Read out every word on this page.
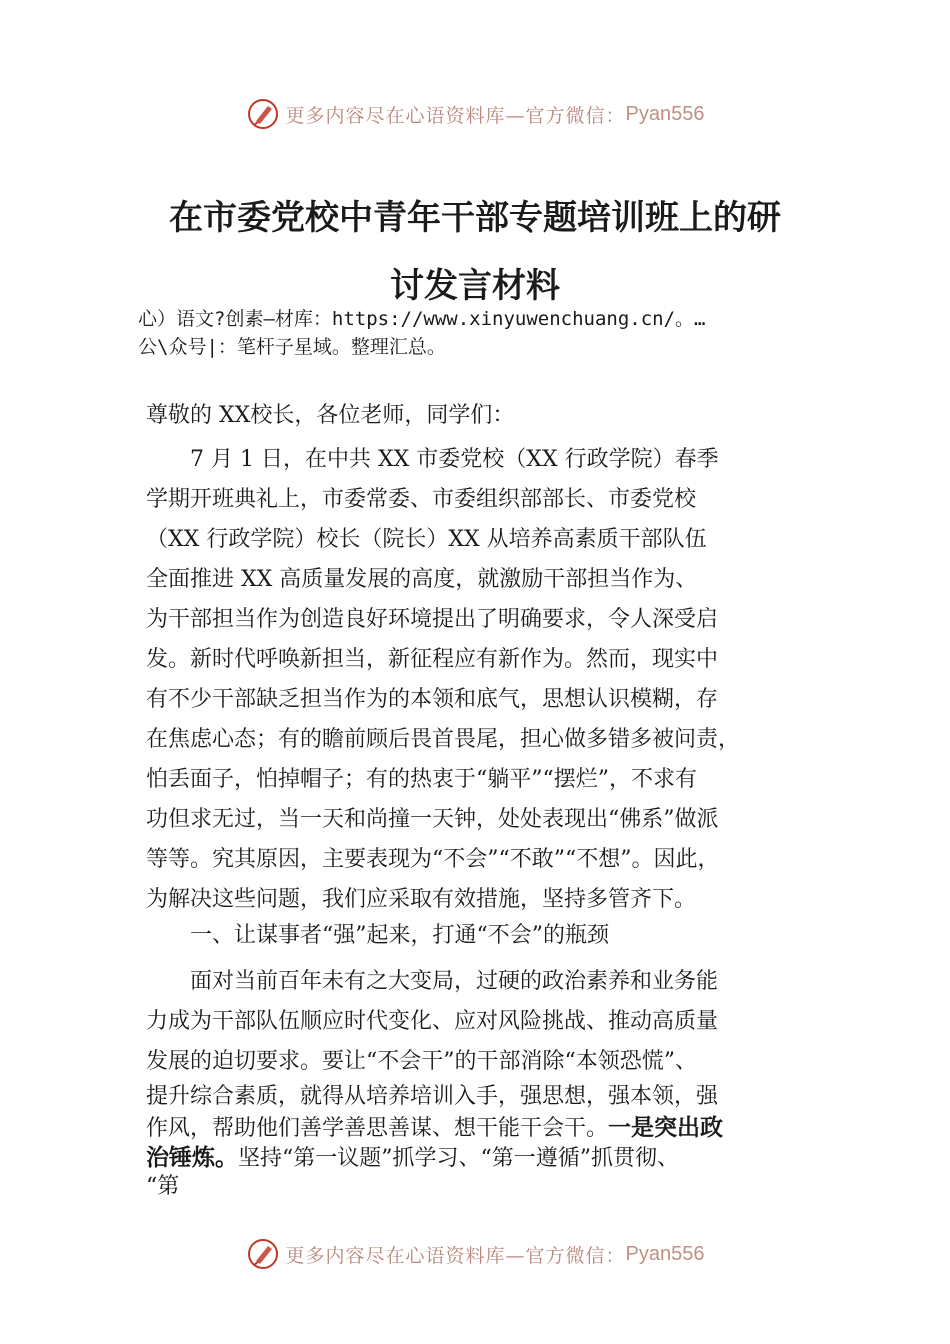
更多内容尽在心语资料库—官方微信： Pyan556
在市委党校中青年干部专题培训班上的研
讨发言材料
心）语文?创素—材库：https://www.xinyuwenchuang.cn/。…
公\众号|：笔杆子星域。整理汇总。
尊敬的 XX校长，各位老师，同学们：
7 月 1 日，在中共 XX 市委党校（XX 行政学院）春季
学期开班典礼上，市委常委、市委组织部部长、市委党校
（XX 行政学院）校长（院长）XX 从培养高素质干部队伍
全面推进 XX 高质量发展的高度，就激励干部担当作为、
为干部担当作为创造良好环境提出了明确要求，令人深受启
发。新时代呼唤新担当，新征程应有新作为。然而，现实中
有不少干部缺乏担当作为的本领和底气，思想认识模糊，存
在焦虑心态；有的瞻前顾后畏首畏尾，担心做多错多被问责，
怕丢面子，怕掉帽子；有的热衷于“躺平”“摆烂”，不求有
功但求无过，当一天和尚撞一天钟，处处表现出“佛系”做派
等等。究其原因，主要表现为“不会”“不敢”“不想”。因此，
为解决这些问题，我们应采取有效措施，坚持多管齐下。
一、让谋事者“强”起来，打通“不会”的瓶颈
面对当前百年未有之大变局，过硬的政治素养和业务能
力成为干部队伍顺应时代变化、应对风险挑战、推动高质量
发展的迫切要求。要让“不会干”的干部消除“本领恐慌”、
提升综合素质，就得从培养培训入手，强思想，强本领，强
作风，帮助他们善学善思善谋、想干能干会干。一是突出政
治锤炼。坚持“第一议题”抓学习、“第一遵循”抓贯彻、
“第
更多内容尽在心语资料库—官方微信： Pyan556
